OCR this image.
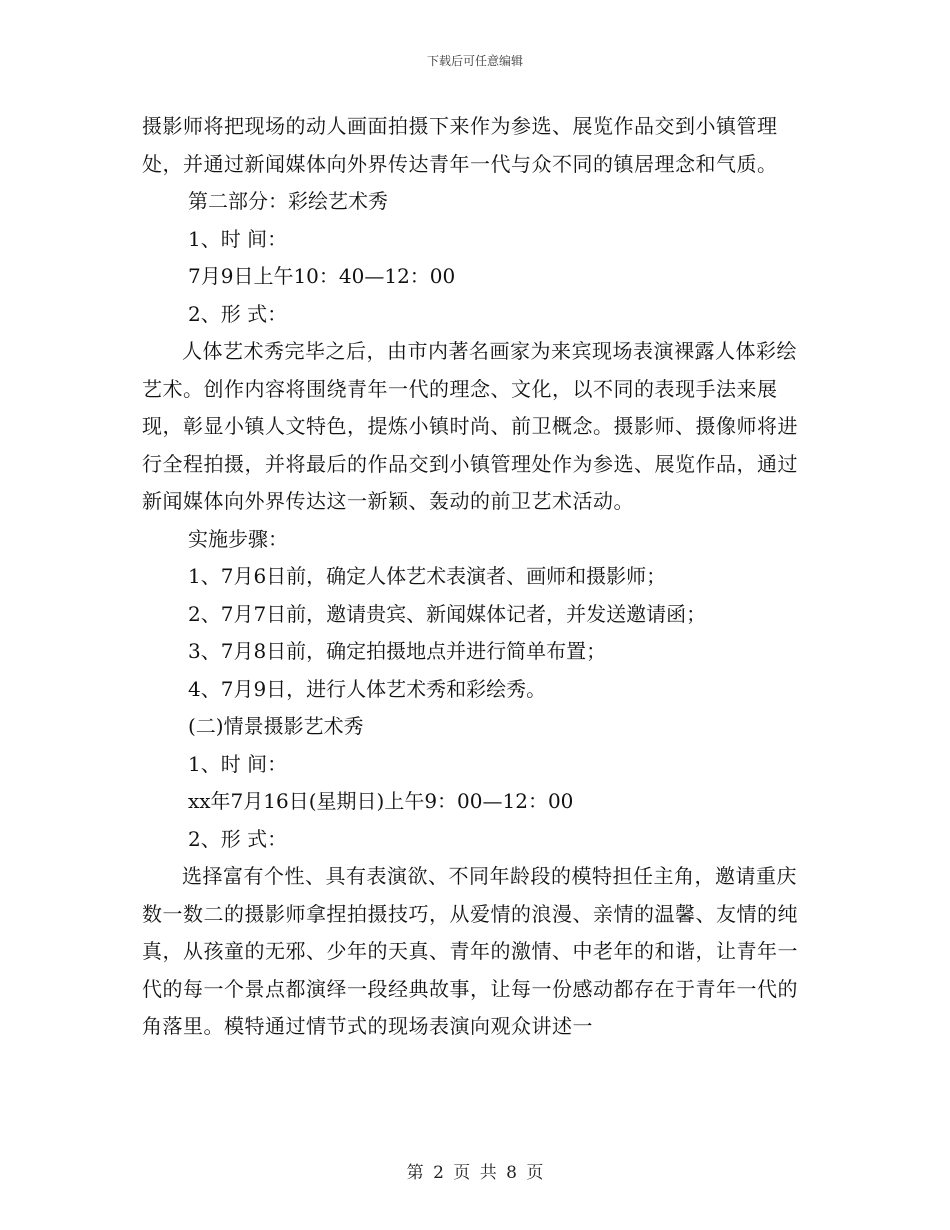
下载后可任意编辑

摄影师将把现场的动人画面拍摄下来作为参选、展览作品交到小镇管理处，并通过新闻媒体向外界传达青年一代与众不同的镇居理念和气质。

第二部分：彩绘艺术秀

1、时 间：

7月9日上午10：40—12：00

2、形 式：

人体艺术秀完毕之后，由市内著名画家为来宾现场表演裸露人体彩绘艺术。创作内容将围绕青年一代的理念、文化，以不同的表现手法来展现，彰显小镇人文特色，提炼小镇时尚、前卫概念。摄影师、摄像师将进行全程拍摄，并将最后的作品交到小镇管理处作为参选、展览作品，通过新闻媒体向外界传达这一新颖、轰动的前卫艺术活动。

实施步骤：

1、7月6日前，确定人体艺术表演者、画师和摄影师；

2、7月7日前，邀请贵宾、新闻媒体记者，并发送邀请函；

3、7月8日前，确定拍摄地点并进行简单布置；

4、7月9日，进行人体艺术秀和彩绘秀。

(二)情景摄影艺术秀

1、时 间：

xx年7月16日(星期日)上午9：00—12：00

2、形 式：

选择富有个性、具有表演欲、不同年龄段的模特担任主角，邀请重庆数一数二的摄影师拿捏拍摄技巧，从爱情的浪漫、亲情的温馨、友情的纯真，从孩童的无邪、少年的天真、青年的激情、中老年的和谐，让青年一代的每一个景点都演绎一段经典故事，让每一份感动都存在于青年一代的角落里。模特通过情节式的现场表演向观众讲述一

第 2 页 共 8 页
